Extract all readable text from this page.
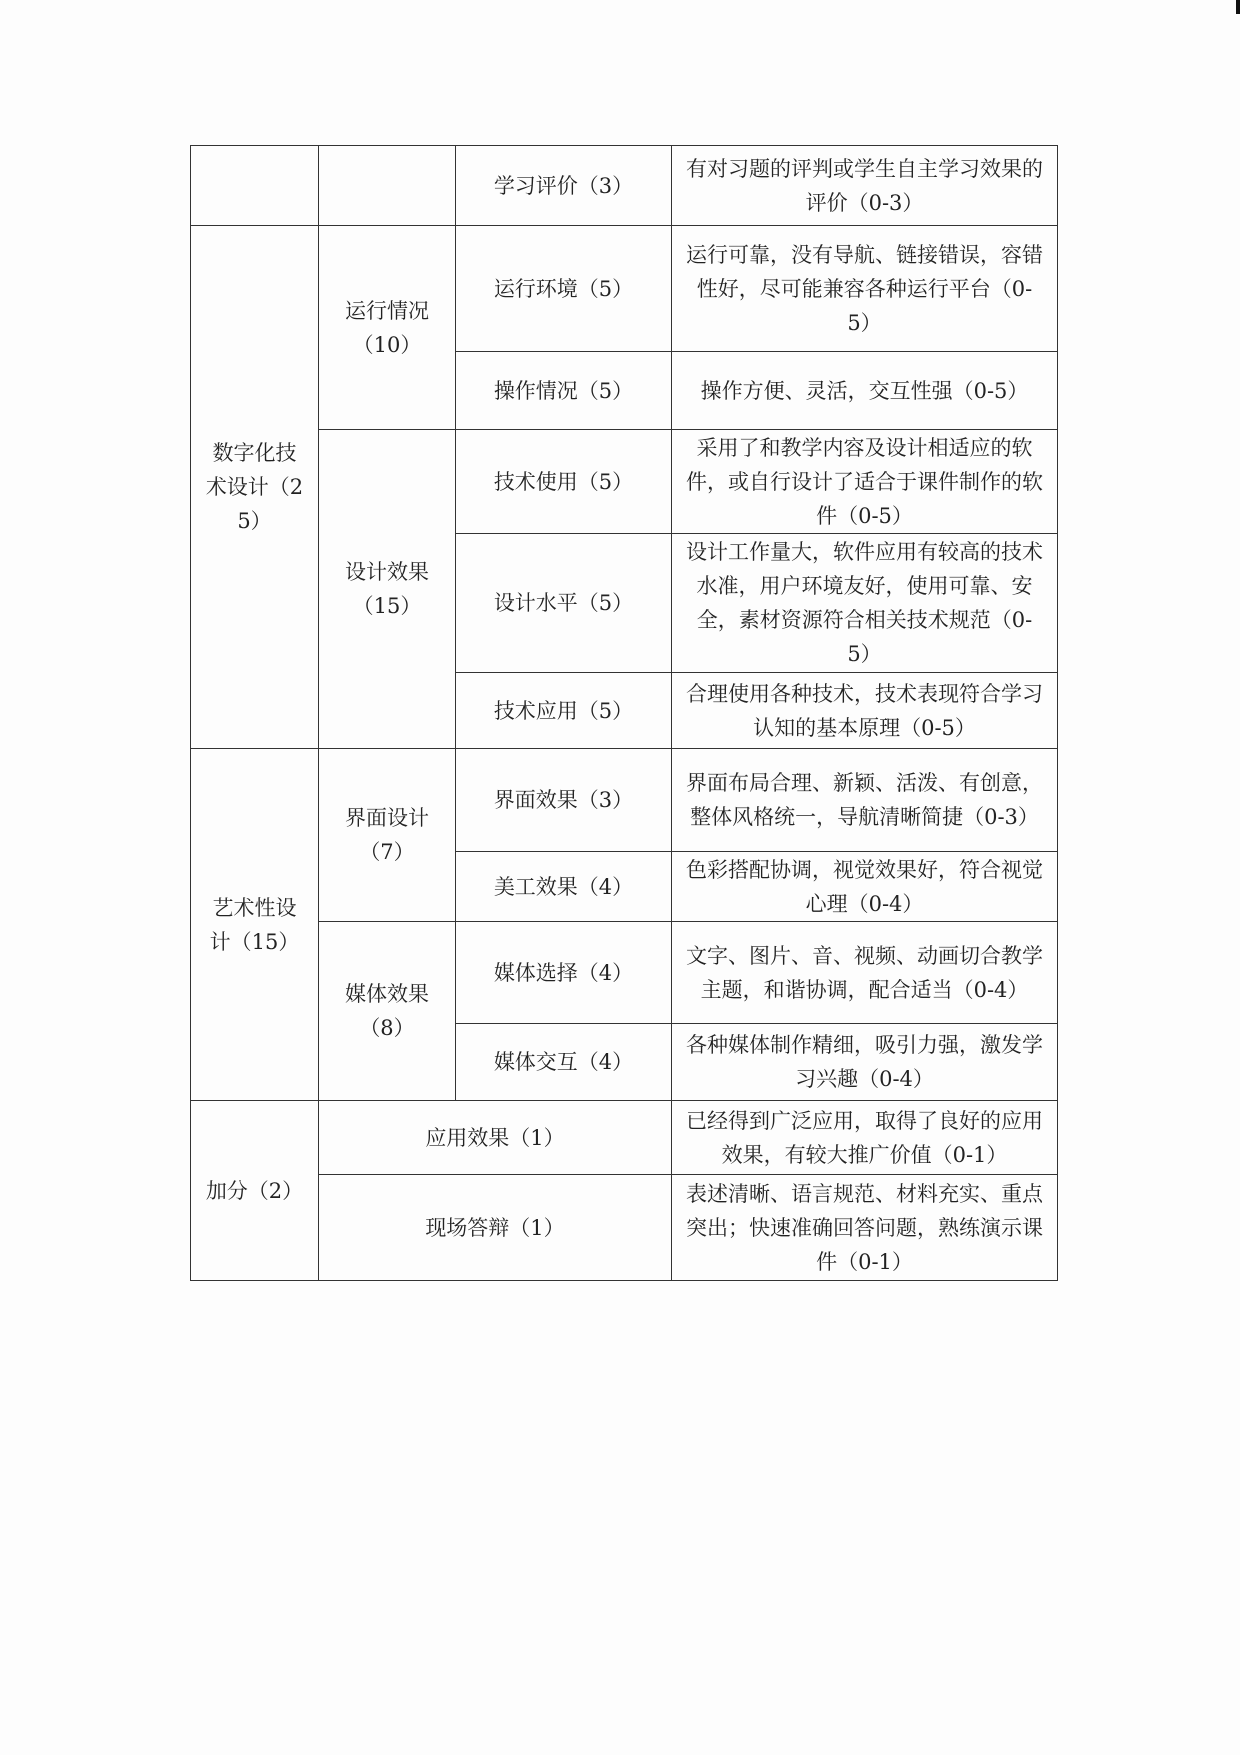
		学习评价（3）	有对习题的评判或学生自主学习效果的评价（0-3）
数字化技术设计（25）	运行情况（10）	运行环境（5）	运行可靠，没有导航、链接错误，容错性好，尽可能兼容各种运行平台（0-5）
		操作情况（5）	操作方便、灵活，交互性强（0-5）
	设计效果（15）	技术使用（5）	采用了和教学内容及设计相适应的软件，或自行设计了适合于课件制作的软件（0-5）
		设计水平（5）	设计工作量大，软件应用有较高的技术水准，用户环境友好，使用可靠、安全，素材资源符合相关技术规范（0-5）
		技术应用（5）	合理使用各种技术，技术表现符合学习认知的基本原理（0-5）
艺术性设计（15）	界面设计（7）	界面效果（3）	界面布局合理、新颖、活泼、有创意，整体风格统一，导航清晰简捷（0-3）
		美工效果（4）	色彩搭配协调，视觉效果好，符合视觉心理（0-4）
	媒体效果（8）	媒体选择（4）	文字、图片、音、视频、动画切合教学主题，和谐协调，配合适当（0-4）
		媒体交互（4）	各种媒体制作精细，吸引力强，激发学习兴趣（0-4）
加分（2）	应用效果（1）		已经得到广泛应用，取得了良好的应用效果，有较大推广价值（0-1）
	现场答辩（1）		表述清晰、语言规范、材料充实、重点突出；快速准确回答问题，熟练演示课件（0-1）
